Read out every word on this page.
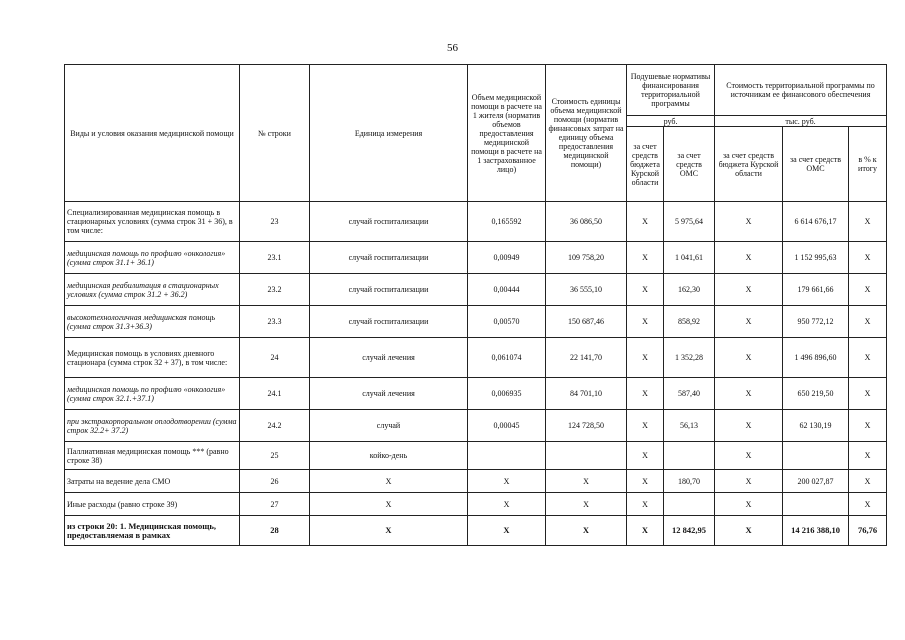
56
Виды и условия оказания медицинской помощи	№ строки	Единица измерения	Объем медицинской помощи в расчете на 1 жителя (норматив объемов предоставления медицинской помощи в расчете на 1 застрахованное лицо)	Стоимость единицы объема медицинской помощи (норматив финансовых затрат на единицу объема предоставления медицинской помощи)	Подушевые нормативы финансирования территориальной программы		Стоимость территориальной программы по источникам ее финансового обеспечения		
					руб.		тыс. руб.		
					за счет средств бюджета Курской области	за счет средств ОМС	за счет средств бюджета Курской области	за счет средств ОМС	в % к итогу
Специализированная медицинская помощь в стационарных условиях (сумма строк 31 + 36), в том числе:	23	случай госпитализации	0,165592	36 086,50	X	5 975,64	X	6 614 676,17	X
медицинская помощь по профилю «онкология» (сумма строк 31.1+ 36.1)	23.1	случай госпитализации	0,00949	109 758,20	X	1 041,61	X	1 152 995,63	X
медицинская реабилитация в стационарных условиях (сумма строк 31.2 + 36.2)	23.2	случай госпитализации	0,00444	36 555,10	X	162,30	X	179 661,66	X
высокотехнологичная медицинская помощь (сумма строк 31.3+36.3)	23.3	случай госпитализации	0,00570	150 687,46	X	858,92	X	950 772,12	X
Медицинская помощь в условиях дневного стационара (сумма строк 32 + 37), в том числе:	24	случай лечения	0,061074	22 141,70	X	1 352,28	X	1 496 896,60	X
медицинская помощь по профилю «онкология» (сумма строк 32.1.+37.1)	24.1	случай лечения	0,006935	84 701,10	X	587,40	X	650 219,50	X
при экстракорпоральном оплодотворении (сумма строк 32.2+ 37.2)	24.2	случай	0,00045	124 728,50	X	56,13	X	62 130,19	X
Паллиативная медицинская помощь *** (равно строке 38)	25	койко-день			X		X		X
Затраты на ведение дела СМО	26	X	X	X	X	180,70	X	200 027,87	X
Иные расходы (равно строке 39)	27	X	X	X	X		X		X
из строки 20: 1. Медицинская помощь, предоставляемая в рамках	28	X	X	X	X	12 842,95	X	14 216 388,10	76,76
